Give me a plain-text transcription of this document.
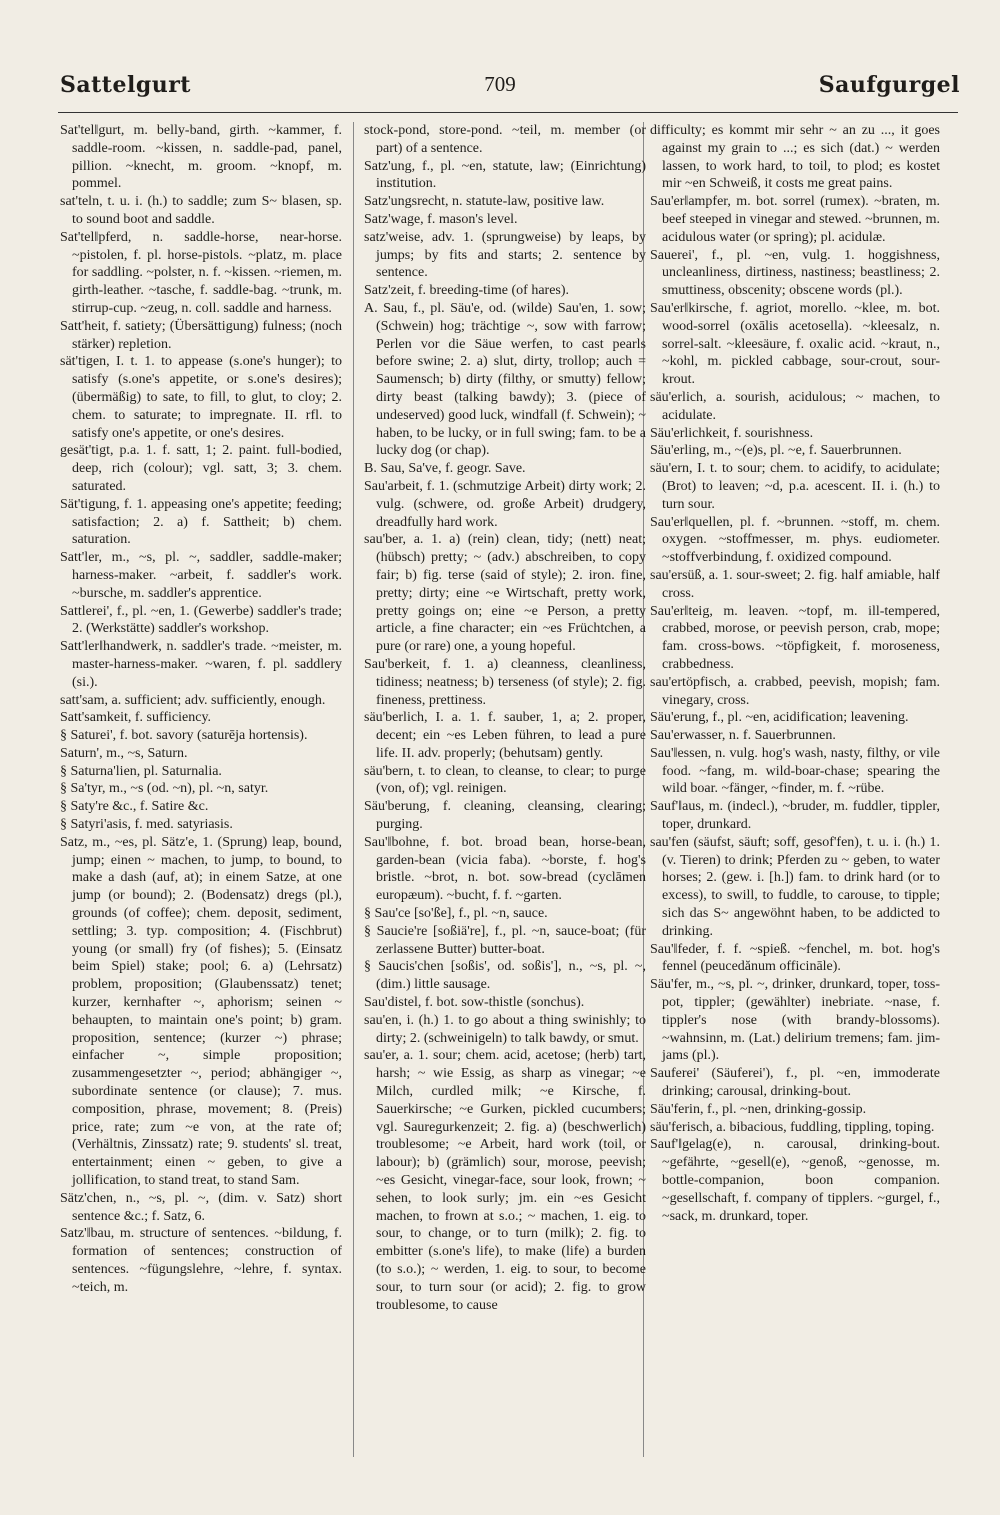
Sattelgurt	709	Saufgurgel

Sat'tel‖gurt, m. belly-band, girth. ~kammer, f. saddle-room. ~kissen, n. saddle-pad, panel, pillion. ~knecht, m. groom. ~knopf, m. pommel.

sat'teln, t. u. i. (h.) to saddle; zum S~ blasen, sp. to sound boot and saddle.

Sat'tel‖pferd, n. saddle-horse, near-horse. ~pistolen, f. pl. horse-pistols. ~platz, m. place for saddling. ~polster, n. f. ~kissen. ~riemen, m. girth-leather. ~tasche, f. saddle-bag. ~trunk, m. stirrup-cup. ~zeug, n. coll. saddle and harness.

Satt'heit, f. satiety; (Übersättigung) fulness; (noch stärker) repletion.

sät'tigen, I. t. 1. to appease (s.one's hunger); to satisfy (s.one's appetite, or s.one's desires); (übermäßig) to sate, to fill, to glut, to cloy; 2. chem. to saturate; to impregnate. II. rfl. to satisfy one's appetite, or one's desires.

gesät'tigt, p.a. 1. f. satt, 1; 2. paint. full-bodied, deep, rich (colour); vgl. satt, 3; 3. chem. saturated.

Sät'tigung, f. 1. appeasing one's appetite; feeding; satisfaction; 2. a) f. Sattheit; b) chem. saturation.

Satt'ler, m., ~s, pl. ~, saddler, saddle-maker; harness-maker. ~arbeit, f. saddler's work. ~bursche, m. saddler's apprentice.

Sattlerei', f., pl. ~en, 1. (Gewerbe) saddler's trade; 2. (Werkstätte) saddler's workshop.

Satt'ler‖handwerk, n. saddler's trade. ~meister, m. master-harness-maker. ~waren, f. pl. saddlery (si.).

satt'sam, a. sufficient; adv. sufficiently, enough.

Satt'samkeit, f. sufficiency.

§ Saturei', f. bot. savory (saturēja hortensis).

Saturn', m., ~s, Saturn.

§ Saturna'lien, pl. Saturnalia.

§ Sa'tyr, m., ~s (od. ~n), pl. ~n, satyr.

§ Saty're &c., f. Satire &c.

§ Satyri'asis, f. med. satyriasis.

Satz, m., ~es, pl. Sätz'e, 1. (Sprung) leap, bound, jump; einen ~ machen, to jump, to bound, to make a dash (auf, at); in einem Satze, at one jump (or bound); 2. (Bodensatz) dregs (pl.), grounds (of coffee); chem. deposit, sediment, settling; 3. typ. composition; 4. (Fischbrut) young (or small) fry (of fishes); 5. (Einsatz beim Spiel) stake; pool; 6. a) (Lehrsatz) problem, proposition; (Glaubenssatz) tenet; kurzer, kernhafter ~, aphorism; seinen ~ behaupten, to maintain one's point; b) gram. proposition, sentence; (kurzer ~) phrase; einfacher ~, simple proposition; zusammengesetzter ~, period; abhängiger ~, subordinate sentence (or clause); 7. mus. composition, phrase, movement; 8. (Preis) price, rate; zum ~e von, at the rate of; (Verhältnis, Zinssatz) rate; 9. students' sl. treat, entertainment; einen ~ geben, to give a jollification, to stand treat, to stand Sam.

Sätz'chen, n., ~s, pl. ~, (dim. v. Satz) short sentence &c.; f. Satz, 6.

Satz'‖bau, m. structure of sentences. ~bildung, f. formation of sentences; construction of sentences. ~fügungslehre, ~lehre, f. syntax. ~teich, m.

stock-pond, store-pond. ~teil, m. member (or part) of a sentence.

Satz'ung, f., pl. ~en, statute, law; (Einrichtung) institution.

Satz'ungsrecht, n. statute-law, positive law.

Satz'wage, f. mason's level.

satz'weise, adv. 1. (sprungweise) by leaps, by jumps; by fits and starts; 2. sentence by sentence.

Satz'zeit, f. breeding-time (of hares).

A. Sau, f., pl. Säu'e, od. (wilde) Sau'en, 1. sow; (Schwein) hog; trächtige ~, sow with farrow; Perlen vor die Säue werfen, to cast pearls before swine; 2. a) slut, dirty, trollop; auch = Saumensch; b) dirty (filthy, or smutty) fellow; dirty beast (talking bawdy); 3. (piece of undeserved) good luck, windfall (f. Schwein); ~ haben, to be lucky, or in full swing; fam. to be a lucky dog (or chap).

B. Sau, Sa've, f. geogr. Save.

Sau'arbeit, f. 1. (schmutzige Arbeit) dirty work; 2. vulg. (schwere, od. große Arbeit) drudgery, dreadfully hard work.

sau'ber, a. 1. a) (rein) clean, tidy; (nett) neat; (hübsch) pretty; ~ (adv.) abschreiben, to copy fair; b) fig. terse (said of style); 2. iron. fine, pretty; dirty; eine ~e Wirtschaft, pretty work, pretty goings on; eine ~e Person, a pretty article, a fine character; ein ~es Früchtchen, a pure (or rare) one, a young hopeful.

Sau'berkeit, f. 1. a) cleanness, cleanliness, tidiness; neatness; b) terseness (of style); 2. fig. fineness, prettiness.

säu'berlich, I. a. 1. f. sauber, 1, a; 2. proper, decent; ein ~es Leben führen, to lead a pure life. II. adv. properly; (behutsam) gently.

säu'bern, t. to clean, to cleanse, to clear; to purge (von, of); vgl. reinigen.

Säu'berung, f. cleaning, cleansing, clearing; purging.

Sau'‖bohne, f. bot. broad bean, horse-bean, garden-bean (vicia faba). ~borste, f. hog's bristle. ~brot, n. bot. sow-bread (cyclāmen europæum). ~bucht, f. f. ~garten.

§ Sau'ce [so'ße], f., pl. ~n, sauce.

§ Saucie're [soßiä're], f., pl. ~n, sauce-boat; (für zerlassene Butter) butter-boat.

§ Saucis'chen [soßis', od. soßis'], n., ~s, pl. ~, (dim.) little sausage.

Sau'distel, f. bot. sow-thistle (sonchus).

sau'en, i. (h.) 1. to go about a thing swinishly; to dirty; 2. (schweinigeln) to talk bawdy, or smut.

sau'er, a. 1. sour; chem. acid, acetose; (herb) tart, harsh; ~ wie Essig, as sharp as vinegar; ~e Milch, curdled milk; ~e Kirsche, f. Sauerkirsche; ~e Gurken, pickled cucumbers; vgl. Sauregurkenzeit; 2. fig. a) (beschwerlich) troublesome; ~e Arbeit, hard work (toil, or labour); b) (grämlich) sour, morose, peevish; ~es Gesicht, vinegar-face, sour look, frown; ~ sehen, to look surly; jm. ein ~es Gesicht machen, to frown at s.o.; ~ machen, 1. eig. to sour, to change, or to turn (milk); 2. fig. to embitter (s.one's life), to make (life) a burden (to s.o.); ~ werden, 1. eig. to sour, to become sour, to turn sour (or acid); 2. fig. to grow troublesome, to cause

difficulty; es kommt mir sehr ~ an zu ..., it goes against my grain to ...; es sich (dat.) ~ werden lassen, to work hard, to toil, to plod; es kostet mir ~en Schweiß, it costs me great pains.

Sau'er‖ampfer, m. bot. sorrel (rumex). ~braten, m. beef steeped in vinegar and stewed. ~brunnen, m. acidulous water (or spring); pl. acidulæ.

Sauerei', f., pl. ~en, vulg. 1. hoggishness, uncleanliness, dirtiness, nastiness; beastliness; 2. smuttiness, obscenity; obscene words (pl.).

Sau'er‖kirsche, f. agriot, morello. ~klee, m. bot. wood-sorrel (oxālis acetosella). ~kleesalz, n. sorrel-salt. ~kleesäure, f. oxalic acid. ~kraut, n., ~kohl, m. pickled cabbage, sour-crout, sour-krout.

säu'erlich, a. sourish, acidulous; ~ machen, to acidulate.

Säu'erlichkeit, f. sourishness.

Säu'erling, m., ~(e)s, pl. ~e, f. Sauerbrunnen.

säu'ern, I. t. to sour; chem. to acidify, to acidulate; (Brot) to leaven; ~d, p.a. acescent. II. i. (h.) to turn sour.

Sau'er‖quellen, pl. f. ~brunnen. ~stoff, m. chem. oxygen. ~stoffmesser, m. phys. eudiometer. ~stoffverbindung, f. oxidized compound.

sau'ersüß, a. 1. sour-sweet; 2. fig. half amiable, half cross.

Sau'er‖teig, m. leaven. ~topf, m. ill-tempered, crabbed, morose, or peevish person, crab, mope; fam. cross-bows. ~töpfigkeit, f. moroseness, crabbedness.

sau'ertöpfisch, a. crabbed, peevish, mopish; fam. vinegary, cross.

Säu'erung, f., pl. ~en, acidification; leavening.

Sau'erwasser, n. f. Sauerbrunnen.

Sau'‖essen, n. vulg. hog's wash, nasty, filthy, or vile food. ~fang, m. wild-boar-chase; spearing the wild boar. ~fänger, ~finder, m. f. ~rübe.

Sauf'‖aus, m. (indecl.), ~bruder, m. fuddler, tippler, toper, drunkard.

sau'fen (säufst, säuft; soff, gesof'fen), t. u. i. (h.) 1. (v. Tieren) to drink; Pferden zu ~ geben, to water horses; 2. (gew. i. [h.]) fam. to drink hard (or to excess), to swill, to fuddle, to carouse, to tipple; sich das S~ angewöhnt haben, to be addicted to drinking.

Sau'‖feder, f. f. ~spieß. ~fenchel, m. bot. hog's fennel (peucedănum officināle).

Säu'fer, m., ~s, pl. ~, drinker, drunkard, toper, toss-pot, tippler; (gewählter) inebriate. ~nase, f. tippler's nose (with brandy-blossoms). ~wahnsinn, m. (Lat.) delirium tremens; fam. jim-jams (pl.).

Sauferei' (Säuferei'), f., pl. ~en, immoderate drinking; carousal, drinking-bout.

Säu'ferin, f., pl. ~nen, drinking-gossip.

säu'ferisch, a. bibacious, fuddling, tippling, toping.

Sauf'‖gelag(e), n. carousal, drinking-bout. ~gefährte, ~gesell(e), ~genoß, ~genosse, m. bottle-companion, boon companion. ~gesellschaft, f. company of tipplers. ~gurgel, f., ~sack, m. drunkard, toper.
